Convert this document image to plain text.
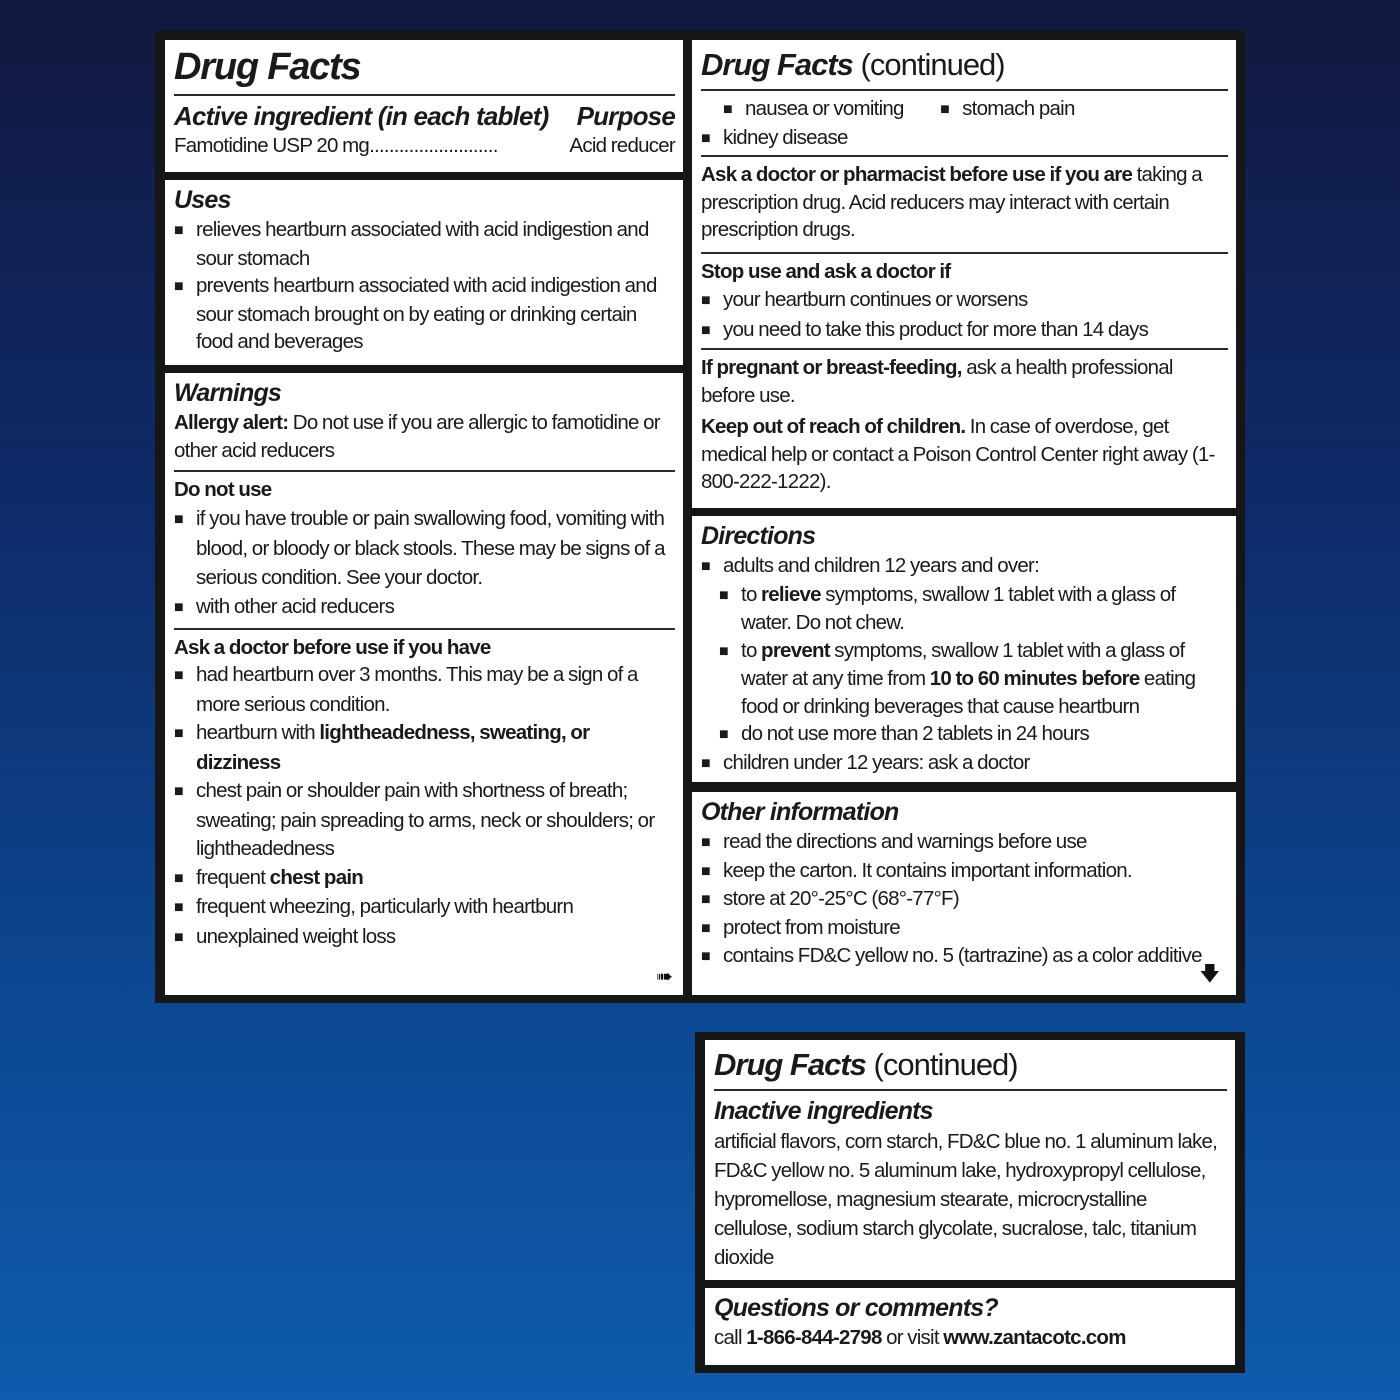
Drug Facts
Active ingredient (in each tablet) Purpose
Famotidine USP 20 mg ..........................	Acid reducer
Uses
■ relieves heartburn associated with acid indigestion and sour stomach
■ prevents heartburn associated with acid indigestion and sour stomach brought on by eating or drinking certain food and beverages
Warnings
Allergy alert: Do not use if you are allergic to famotidine or other acid reducers
Do not use
■ if you have trouble or pain swallowing food, vomiting with blood, or bloody or black stools. These may be signs of a serious condition. See your doctor.
■ with other acid reducers
Ask a doctor before use if you have
■ had heartburn over 3 months. This may be a sign of a more serious condition.
■ heartburn with lightheadedness, sweating, or dizziness
■ chest pain or shoulder pain with shortness of breath; sweating; pain spreading to arms, neck or shoulders; or lightheadedness
■ frequent chest pain
■ frequent wheezing, particularly with heartburn
■ unexplained weight loss
➠
Drug Facts (continued)
■ nausea or vomiting	■ stomach pain
■ kidney disease
Ask a doctor or pharmacist before use if you are taking a prescription drug. Acid reducers may interact with certain prescription drugs.
Stop use and ask a doctor if
■ your heartburn continues or worsens
■ you need to take this product for more than 14 days
If pregnant or breast-feeding, ask a health professional before use.
Keep out of reach of children. In case of overdose, get medical help or contact a Poison Control Center right away (1-800-222-1222).
Directions
■ adults and children 12 years and over:
■ to relieve symptoms, swallow 1 tablet with a glass of water. Do not chew.
■ to prevent symptoms, swallow 1 tablet with a glass of water at any time from 10 to 60 minutes before eating food or drinking beverages that cause heartburn
■ do not use more than 2 tablets in 24 hours
■ children under 12 years: ask a doctor
Other information
■ read the directions and warnings before use
■ keep the carton. It contains important information.
■ store at 20°-25°C (68°-77°F)
■ protect from moisture
■ contains FD&C yellow no. 5 (tartrazine) as a color additive
🡇
Drug Facts (continued)
Inactive ingredients
artificial flavors, corn starch, FD&C blue no. 1 aluminum lake, FD&C yellow no. 5 aluminum lake, hydroxypropyl cellulose, hypromellose, magnesium stearate, microcrystalline cellulose, sodium starch glycolate, sucralose, talc, titanium dioxide
Questions or comments?
call 1-866-844-2798 or visit www.zantacotc.com
